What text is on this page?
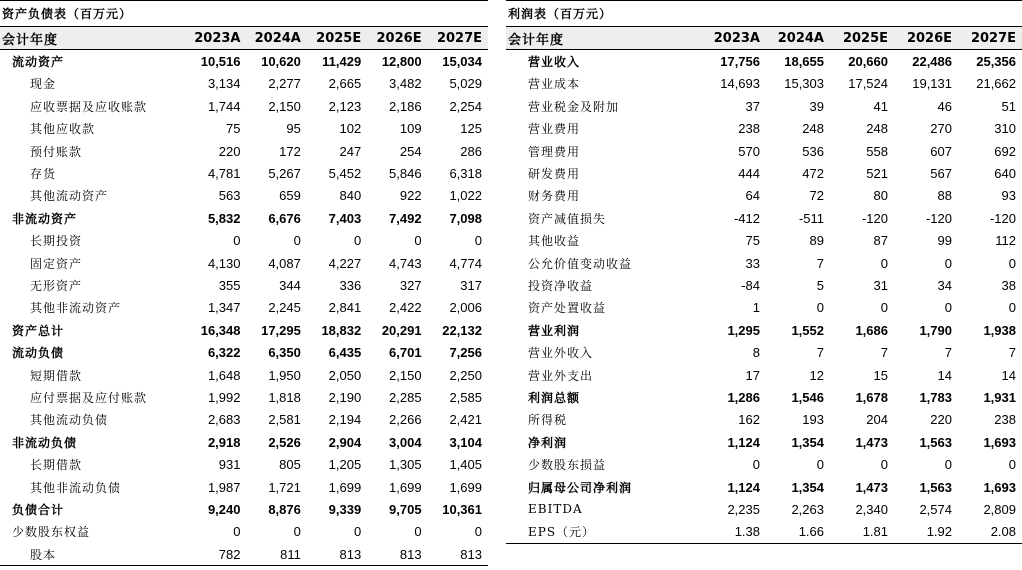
资产负债表（百万元）
会计年度	2023A	2024A	2025E	2026E	2027E
流动资产	10,516	10,620	11,429	12,800	15,034
现金	3,134	2,277	2,665	3,482	5,029
应收票据及应收账款	1,744	2,150	2,123	2,186	2,254
其他应收款	75	95	102	109	125
预付账款	220	172	247	254	286
存货	4,781	5,267	5,452	5,846	6,318
其他流动资产	563	659	840	922	1,022
非流动资产	5,832	6,676	7,403	7,492	7,098
长期投资	0	0	0	0	0
固定资产	4,130	4,087	4,227	4,743	4,774
无形资产	355	344	336	327	317
其他非流动资产	1,347	2,245	2,841	2,422	2,006
资产总计	16,348	17,295	18,832	20,291	22,132
流动负债	6,322	6,350	6,435	6,701	7,256
短期借款	1,648	1,950	2,050	2,150	2,250
应付票据及应付账款	1,992	1,818	2,190	2,285	2,585
其他流动负债	2,683	2,581	2,194	2,266	2,421
非流动负债	2,918	2,526	2,904	3,004	3,104
长期借款	931	805	1,205	1,305	1,405
其他非流动负债	1,987	1,721	1,699	1,699	1,699
负债合计	9,240	8,876	9,339	9,705	10,361
少数股东权益	0	0	0	0	0
股本	782	811	813	813	813
利润表（百万元）
会计年度	2023A	2024A	2025E	2026E	2027E
营业收入	17,756	18,655	20,660	22,486	25,356
营业成本	14,693	15,303	17,524	19,131	21,662
营业税金及附加	37	39	41	46	51
营业费用	238	248	248	270	310
管理费用	570	536	558	607	692
研发费用	444	472	521	567	640
财务费用	64	72	80	88	93
资产减值损失	-412	-511	-120	-120	-120
其他收益	75	89	87	99	112
公允价值变动收益	33	7	0	0	0
投资净收益	-84	5	31	34	38
资产处置收益	1	0	0	0	0
营业利润	1,295	1,552	1,686	1,790	1,938
营业外收入	8	7	7	7	7
营业外支出	17	12	15	14	14
利润总额	1,286	1,546	1,678	1,783	1,931
所得税	162	193	204	220	238
净利润	1,124	1,354	1,473	1,563	1,693
少数股东损益	0	0	0	0	0
归属母公司净利润	1,124	1,354	1,473	1,563	1,693
EBITDA	2,235	2,263	2,340	2,574	2,809
EPS（元）	1.38	1.66	1.81	1.92	2.08
